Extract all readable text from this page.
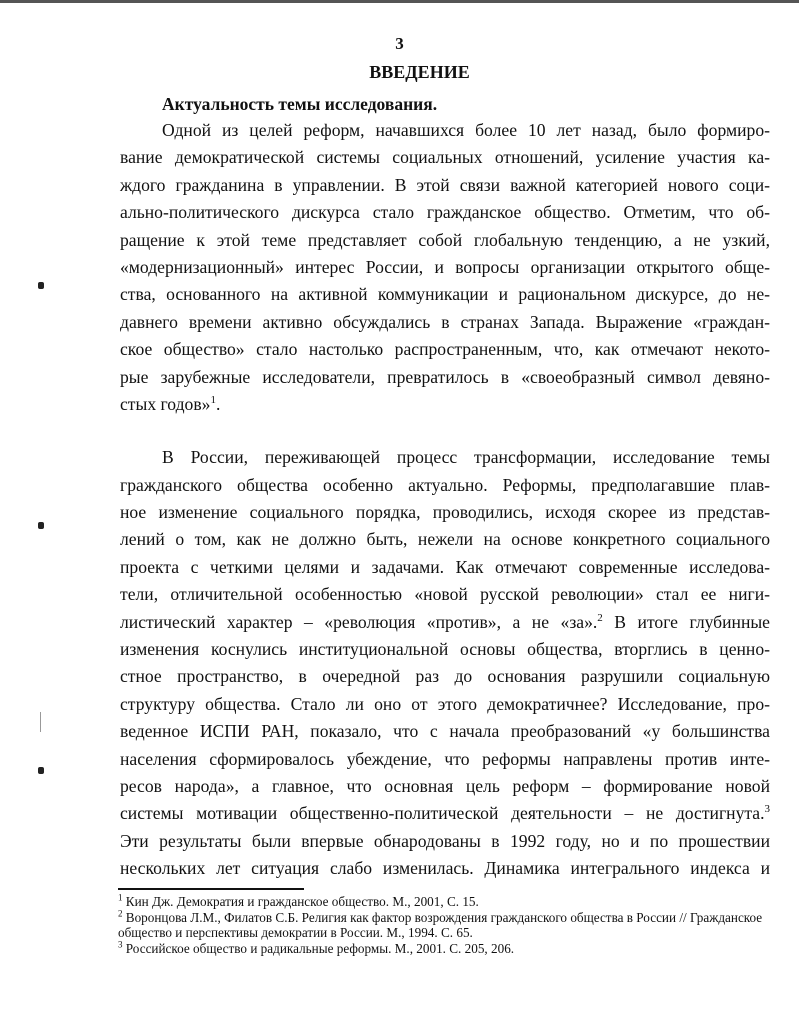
3
ВВЕДЕНИЕ
Актуальность темы исследования.
Одной из целей реформ, начавшихся более 10 лет назад, было формиро-
вание демократической системы социальных отношений, усиление участия ка-
ждого гражданина в управлении. В этой связи важной категорией нового соци-
ально-политического дискурса стало гражданское общество. Отметим, что об-
ращение к этой теме представляет собой глобальную тенденцию, а не узкий,
«модернизационный» интерес России, и вопросы организации открытого обще-
ства, основанного на активной коммуникации и рациональном дискурсе, до не-
давнего времени активно обсуждались в странах Запада. Выражение «граждан-
ское общество» стало настолько распространенным, что, как отмечают некото-
рые зарубежные исследователи, превратилось в «своеобразный символ девяно-
стых годов»$^1$.
В России, переживающей процесс трансформации, исследование темы
гражданского общества особенно актуально. Реформы, предполагавшие плав-
ное изменение социального порядка, проводились, исходя скорее из представ-
лений о том, как не должно быть, нежели на основе конкретного социального
проекта с четкими целями и задачами. Как отмечают современные исследова-
тели, отличительной особенностью «новой русской революции» стал ее ниги-
листический характер – «революция «против», а не «за».$^2$ В итоге глубинные
изменения коснулись институциональной основы общества, вторглись в ценно-
стное пространство, в очередной раз до основания разрушили социальную
структуру общества. Стало ли оно от этого демократичнее? Исследование, про-
веденное ИСПИ РАН, показало, что с начала преобразований «у большинства
населения сформировалось убеждение, что реформы направлены против инте-
ресов народа», а главное, что основная цель реформ – формирование новой
системы мотивации общественно-политической деятельности – не достигнута.$^3$
Эти результаты были впервые обнародованы в 1992 году, но и по прошествии
нескольких лет ситуация слабо изменилась. Динамика интегрального индекса и
$^1$ Кин Дж. Демократия и гражданское общество. М., 2001, С. 15.
$^2$ Воронцова Л.М., Филатов С.Б. Религия как фактор возрождения гражданского общества в России // Гражданское общество и перспективы демократии в России. М., 1994. С. 65.
$^3$ Российское общество и радикальные реформы. М., 2001. С. 205, 206.
